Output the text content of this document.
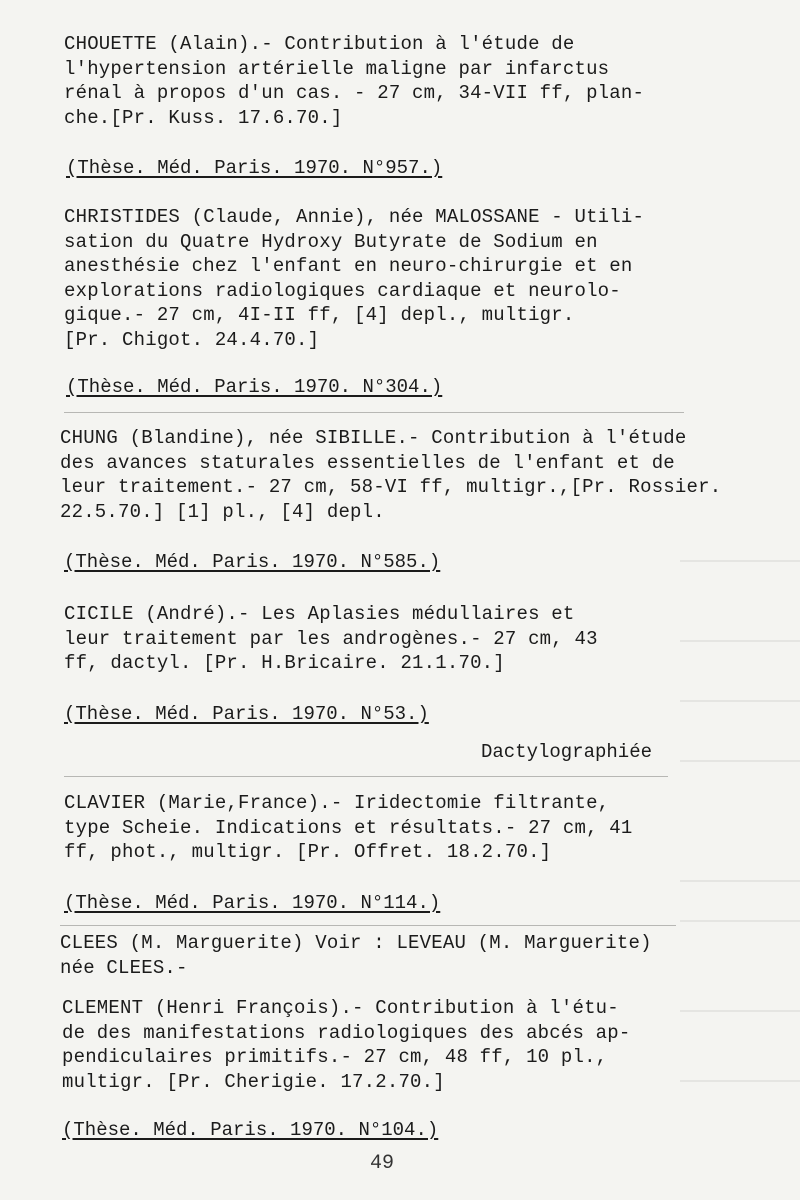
CHOUETTE (Alain).- Contribution à l'étude de
l'hypertension artérielle maligne par infarctus
rénal à propos d'un cas. - 27 cm, 34-VII ff, plan-
che.[Pr. Kuss. 17.6.70.]
(Thèse. Méd. Paris. 1970. N°957.)
CHRISTIDES (Claude, Annie), née MALOSSANE - Utili-
sation du Quatre Hydroxy Butyrate de Sodium en
anesthésie chez l'enfant en neuro-chirurgie et en
explorations radiologiques cardiaque et neurolo-
gique.- 27 cm, 4I-II ff, [4] depl., multigr.
[Pr. Chigot. 24.4.70.]
(Thèse. Méd. Paris. 1970. N°304.)
CHUNG (Blandine), née SIBILLE.- Contribution à l'étude
des avances staturales essentielles de l'enfant et de
leur traitement.- 27 cm, 58-VI ff, multigr.,[Pr. Rossier.
22.5.70.] [1] pl., [4] depl.
(Thèse. Méd. Paris. 1970. N°585.)
CICILE (André).- Les Aplasies médullaires et
leur traitement par les androgènes.- 27 cm, 43
ff, dactyl. [Pr. H.Bricaire. 21.1.70.]
(Thèse. Méd. Paris. 1970. N°53.)
Dactylographiée
CLAVIER (Marie,France).- Iridectomie filtrante,
type Scheie. Indications et résultats.- 27 cm, 41
ff, phot., multigr. [Pr. Offret. 18.2.70.]
(Thèse. Méd. Paris. 1970. N°114.)
CLEES (M. Marguerite) Voir : LEVEAU (M. Marguerite)
née CLEES.-
CLEMENT (Henri François).- Contribution à l'étu-
de des manifestations radiologiques des abcés ap-
pendiculaires primitifs.- 27 cm, 48 ff, 10 pl.,
multigr. [Pr. Cherigie. 17.2.70.]
(Thèse. Méd. Paris. 1970. N°104.)
49
